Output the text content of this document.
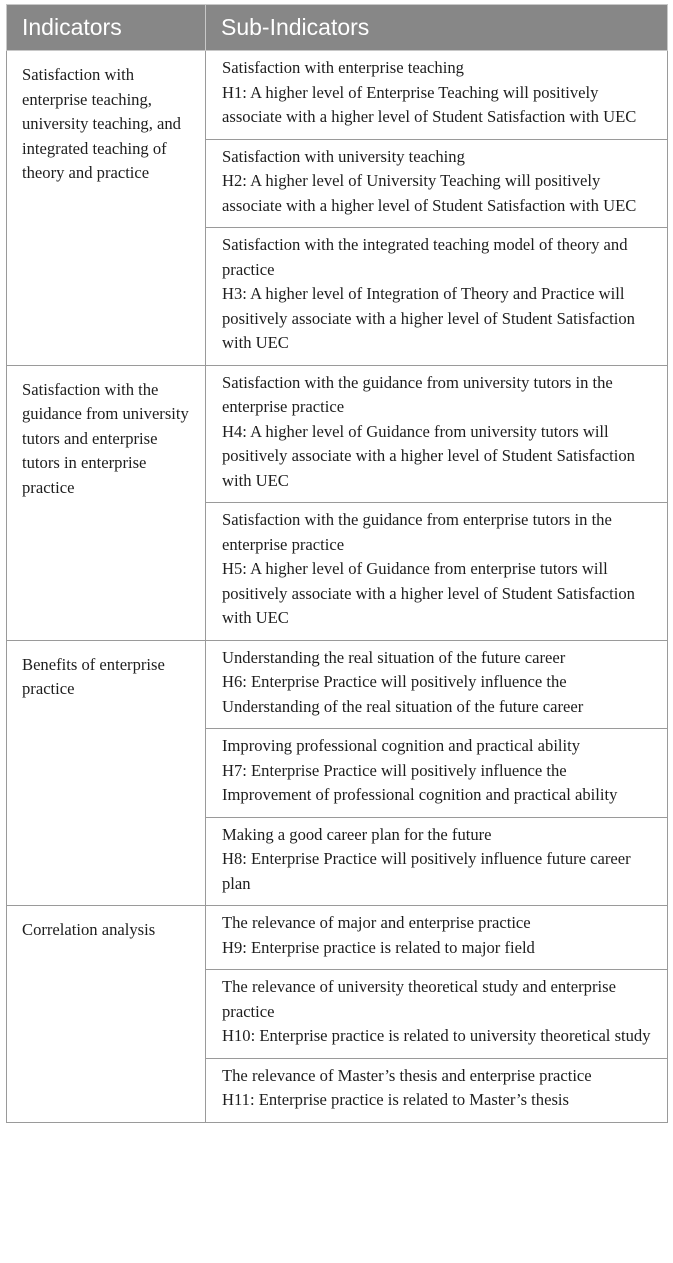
Indicators	Sub-Indicators
Satisfaction with enterprise teaching, university teaching, and integrated teaching of theory and practice	Satisfaction with enterprise teaching
H1: A higher level of Enterprise Teaching will positively associate with a higher level of Student Satisfaction with UEC

	Satisfaction with university teaching
H2: A higher level of University Teaching will positively associate with a higher level of Student Satisfaction with UEC

	Satisfaction with the integrated teaching model of theory and practice
H3: A higher level of Integration of Theory and Practice will positively associate with a higher level of Student Satisfaction with UEC

Satisfaction with the guidance from university tutors and enterprise tutors in enterprise practice	Satisfaction with the guidance from university tutors in the enterprise practice
H4: A higher level of Guidance from university tutors will positively associate with a higher level of Student Satisfaction with UEC

	Satisfaction with the guidance from enterprise tutors in the enterprise practice
H5: A higher level of Guidance from enterprise tutors will positively associate with a higher level of Student Satisfaction with UEC

Benefits of enterprise practice	Understanding the real situation of the future career
H6: Enterprise Practice will positively influence the Understanding of the real situation of the future career

	Improving professional cognition and practical ability
H7: Enterprise Practice will positively influence the Improvement of professional cognition and practical ability

	Making a good career plan for the future
H8: Enterprise Practice will positively influence future career plan

Correlation analysis	The relevance of major and enterprise practice
H9: Enterprise practice is related to major field

	The relevance of university theoretical study and enterprise practice
H10: Enterprise practice is related to university theoretical study

	The relevance of Master’s thesis and enterprise practice
H11: Enterprise practice is related to Master’s thesis
